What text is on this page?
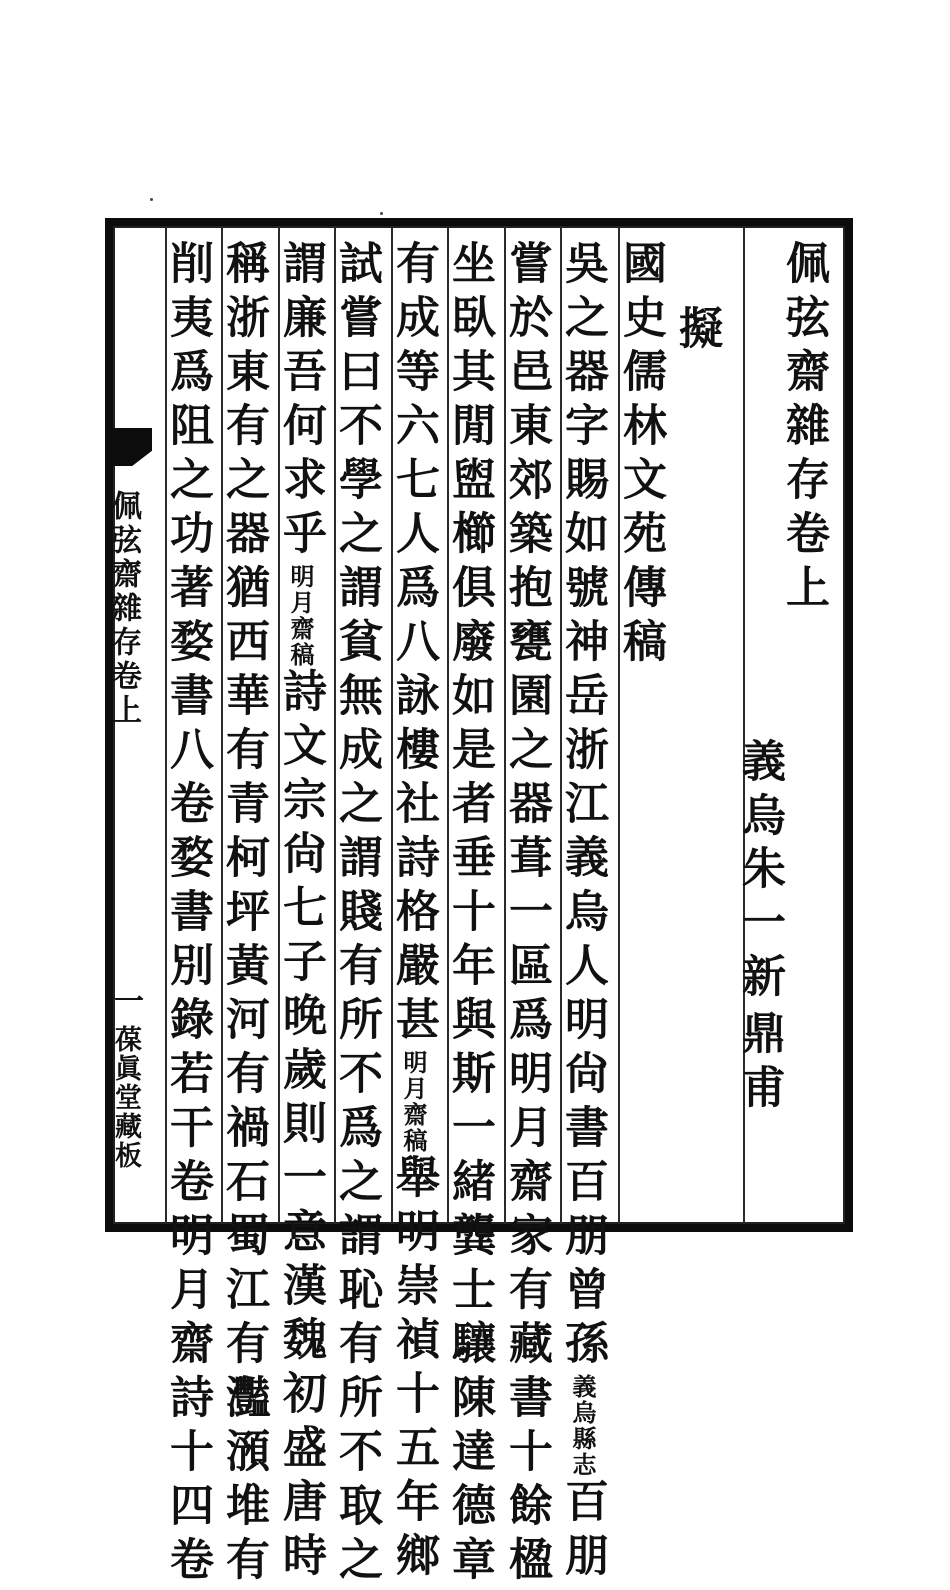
佩弦齋雜存卷上
一
葆眞堂藏板
佩弦齋雜存卷上
擬
義烏
朱一新
鼎甫
國史儒林文苑傳稿
吳之器字賜如號神岳浙江義烏人明尙書百朋曾孫義烏縣志百朋
嘗於邑東郊築抱甕園之器葺一區爲明月齋家有藏書十餘楹
坐臥其閒盥櫛俱廢如是者垂十年與斯一緒龔士驤陳達德章
有成等六七人爲八詠樓社詩格嚴甚明月齋稿舉明崇禎十五年鄉
試嘗曰不學之謂貧無成之謂賤有所不爲之謂恥有所不取之
謂廉吾何求乎明月齋稿詩文宗尙七子晚歲則一意漢魏初盛唐時
稱浙東有之器猶西華有青柯坪黃河有禍石蜀江有灩澦堆有
削夷爲阻之功著婺書八卷婺書別錄若干卷明月齋詩十四卷
